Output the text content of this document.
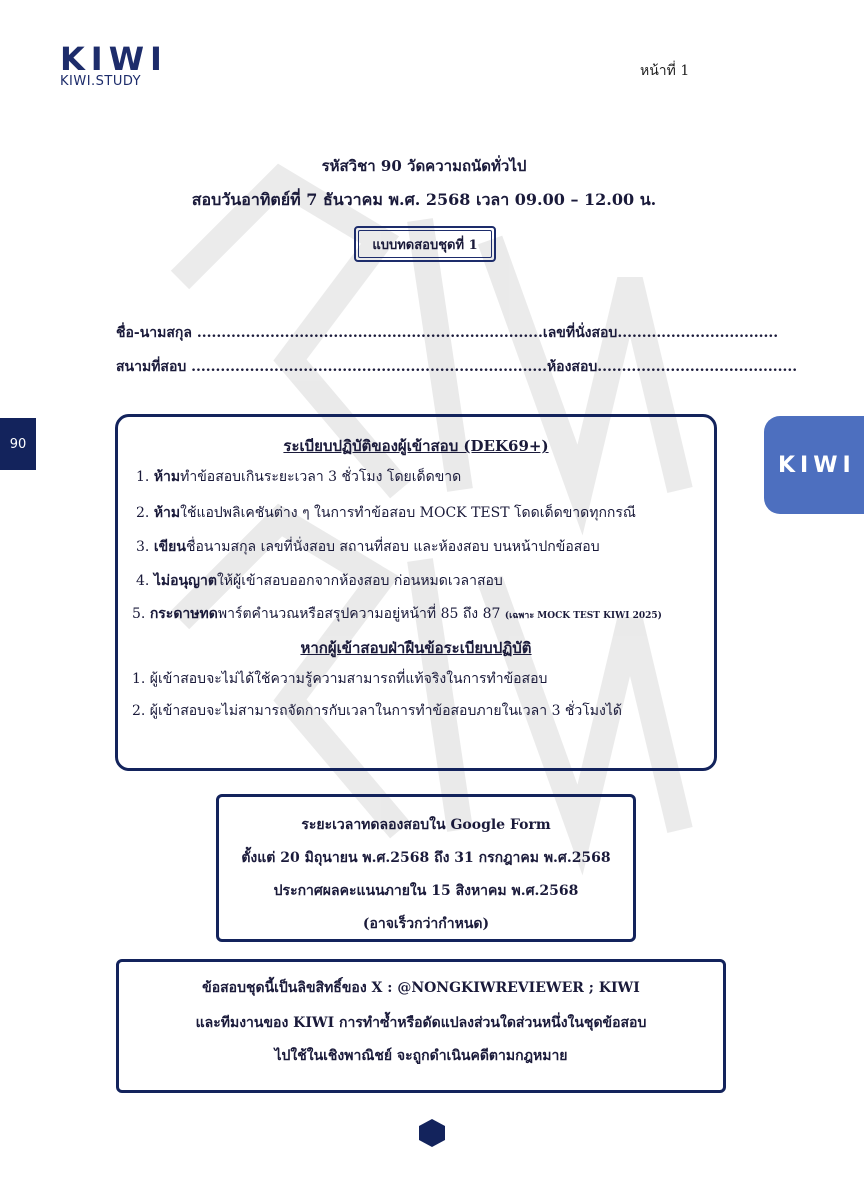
KIWI
KIWI.STUDY
หน้าที่ 1
รหัสวิชา 90 วัดความถนัดทั่วไป
สอบวันอาทิตย์ที่ 7 ธันวาคม พ.ศ. 2568 เวลา 09.00 – 12.00 น.
แบบทดสอบชุดที่ 1
ชื่อ-นามสกุล .......................................................................เลขที่นั่งสอบ.................................
สนามที่สอบ .........................................................................ห้องสอบ.........................................
90
KIWI
ระเบียบปฏิบัติของผู้เข้าสอบ (DEK69+)
1. ห้ามทำข้อสอบเกินระยะเวลา 3 ชั่วโมง โดยเด็ดขาด
2. ห้ามใช้แอปพลิเคชันต่าง ๆ ในการทำข้อสอบ MOCK TEST โดดเด็ดขาดทุกกรณี
3. เขียนชื่อนามสกุล เลขที่นั่งสอบ สถานที่สอบ และห้องสอบ บนหน้าปกข้อสอบ
4. ไม่อนุญาตให้ผู้เข้าสอบออกจากห้องสอบ ก่อนหมดเวลาสอบ
5. กระดาษทดพาร์ตคำนวณหรือสรุปความอยู่หน้าที่ 85 ถึง 87 (เฉพาะ MOCK TEST KIWI 2025)
หากผู้เข้าสอบฝ่าฝืนข้อระเบียบปฏิบัติ
1. ผู้เข้าสอบจะไม่ได้ใช้ความรู้ความสามารถที่แท้จริงในการทำข้อสอบ
2. ผู้เข้าสอบจะไม่สามารถจัดการกับเวลาในการทำข้อสอบภายในเวลา 3 ชั่วโมงได้
ระยะเวลาทดลองสอบใน Google Form
ตั้งแต่ 20 มิถุนายน พ.ศ.2568 ถึง 31 กรกฎาคม พ.ศ.2568
ประกาศผลคะแนนภายใน 15 สิงหาคม พ.ศ.2568
(อาจเร็วกว่ากำหนด)
ข้อสอบชุดนี้เป็นลิขสิทธิ์ของ X : @NONGKIWREVIEWER ; KIWI
และทีมงานของ KIWI การทำซ้ำหรือดัดแปลงส่วนใดส่วนหนึ่งในชุดข้อสอบ
ไปใช้ในเชิงพาณิชย์ จะถูกดำเนินคดีตามกฎหมาย
